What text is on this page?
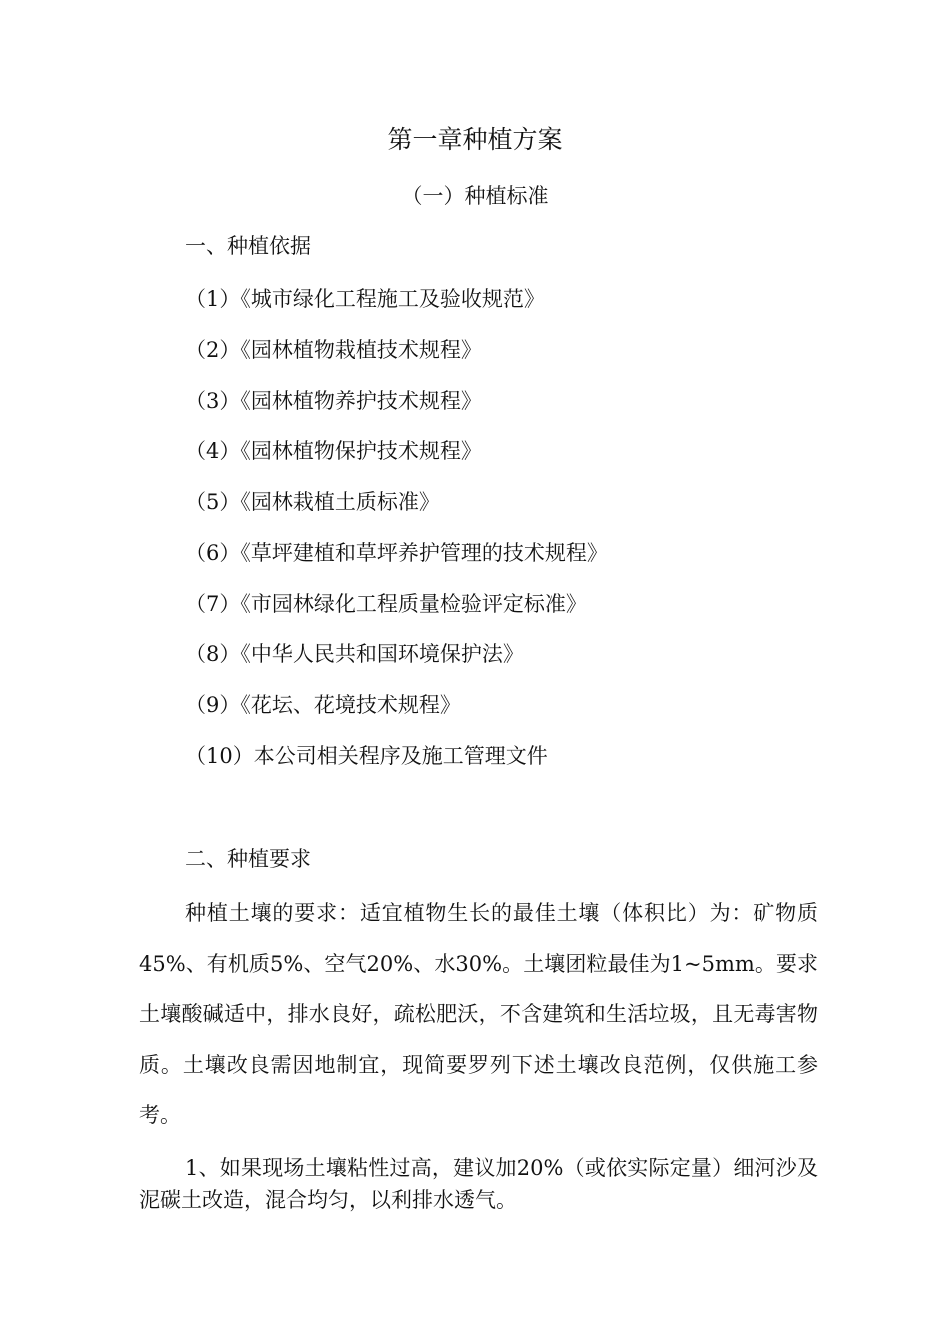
第一章种植方案
（一）种植标准
一、种植依据
（1）《城市绿化工程施工及验收规范》
（2）《园林植物栽植技术规程》
（3）《园林植物养护技术规程》
（4）《园林植物保护技术规程》
（5）《园林栽植土质标准》
（6）《草坪建植和草坪养护管理的技术规程》
（7）《市园林绿化工程质量检验评定标准》
（8）《中华人民共和国环境保护法》
（9）《花坛、花境技术规程》
（10）本公司相关程序及施工管理文件
二、种植要求
种植土壤的要求：适宜植物生长的最佳土壤（体积比）为：矿物质45%、有机质5%、空气20%、水30%。土壤团粒最佳为1~5mm。要求土壤酸碱适中，排水良好，疏松肥沃，不含建筑和生活垃圾，且无毒害物质。土壤改良需因地制宜，现简要罗列下述土壤改良范例，仅供施工参考。
1、如果现场土壤粘性过高，建议加20%（或依实际定量）细河沙及泥碳土改造，混合均匀，以利排水透气。
